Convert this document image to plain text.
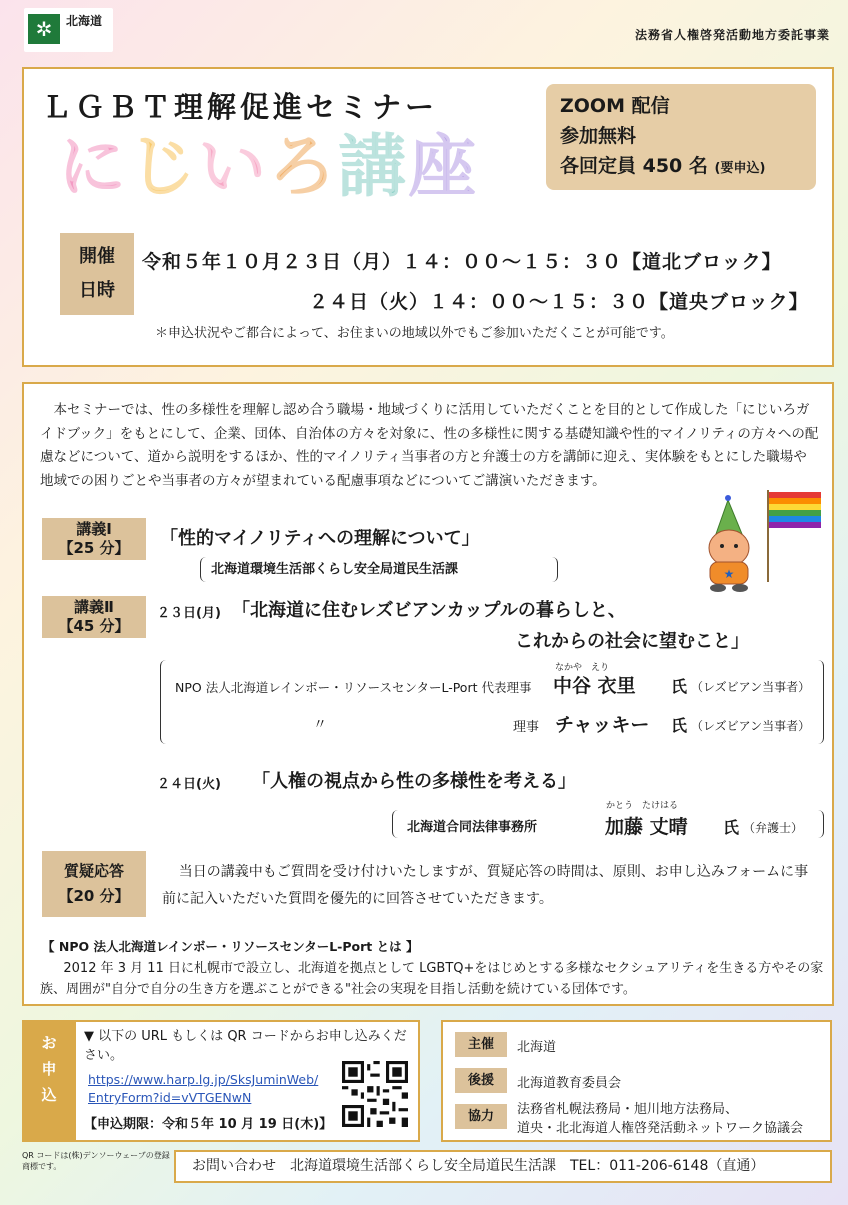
✲ 北海道
法務省人権啓発活動地方委託事業
ＬＧＢＴ理解促進セミナー
にじいろ講座
ZOOM 配信
参加無料
各回定員 450 名 (要申込)
開催
日時
令和５年１０月２３日（月）１４：００～１５：３０【道北ブロック】
２４日（火）１４：００～１５：３０【道央ブロック】
＊申込状況やご都合によって、お住まいの地域以外でもご参加いただくことが可能です。
本セミナーでは、性の多様性を理解し認め合う職場・地域づくりに活用していただくことを目的として作成した「にじいろガイドブック」をもとにして、企業、団体、自治体の方々を対象に、性の多様性に関する基礎知識や性的マイノリティの方々への配慮などについて、道から説明をするほか、性的マイノリティ当事者の方と弁護士の方を講師に迎え、実体験をもとにした職場や地域での困りごとや当事者の方々が望まれている配慮事項などについてご講演いただきます。
★
講義Ⅰ
【25 分】	「性的マイノリティへの理解について」
北海道環境生活部くらし安全局道民生活課
講義Ⅱ
【45 分】
２３日(月) 「北海道に住むレズビアンカップルの暮らしと、
これからの社会に望むこと」
NPO 法人北海道レインボー・リソースセンターL-Port 代表理事
なかや　えり
中谷 衣里 氏 （レズビアン当事者）
〃	理事 チャッキー 氏 （レズビアン当事者）
２４日(火) 「人権の視点から性の多様性を考える」
かとう　たけはる
北海道合同法律事務所	加藤 丈晴 氏 （弁護士）
質疑応答
【20 分】
当日の講義中もご質問を受け付けいたしますが、質疑応答の時間は、原則、お申し込みフォームに事前に記入いただいた質問を優先的に回答させていただきます。
【 NPO 法人北海道レインボー・リソースセンターL-Port とは 】
2012 年 3 月 11 日に札幌市で設立し、北海道を拠点として LGBTQ+をはじめとする多様なセクシュアリティを生きる方やその家族、周囲が"自分で自分の生き方を選ぶことができる"社会の実現を目指し活動を続けている団体です。
お
申
込
▼ 以下の URL もしくは QR コードからお申し込みください。
https://www.harp.lg.jp/SksJuminWeb/
EntryForm?id=vVTGENwN
【申込期限：令和５年 10 月 19 日(木)】
主催	北海道
後援	北海道教育委員会
協力	法務省札幌法務局・旭川地方法務局、
道央・北北海道人権啓発活動ネットワーク協議会
QR コードは(株)デンソーウェーブの登録商標です。	お問い合わせ　北海道環境生活部くらし安全局道民生活課　TEL：011-206-6148（直通）
